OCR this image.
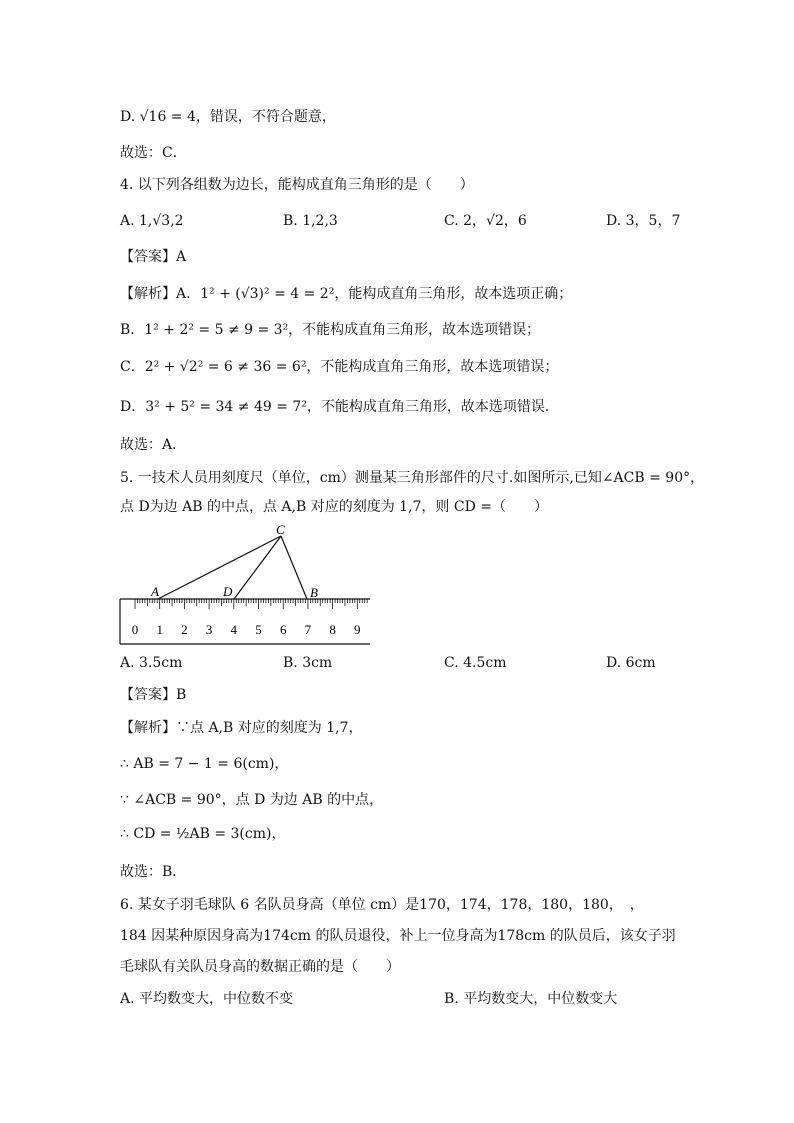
D. √16 = 4，错误，不符合题意，
故选：C．
4. 以下列各组数为边长，能构成直角三角形的是（　　）
A. 1,√3,2	B. 1,2,3	C. 2，√2，6	D. 3，5，7
【答案】A
【解析】A．1² + (√3)² = 4 = 2²，能构成直角三角形，故本选项正确；
B．1² + 2² = 5 ≠ 9 = 3²，不能构成直角三角形，故本选项错误；
C．2² + √2² = 6 ≠ 36 = 6²，不能构成直角三角形，故本选项错误；
D．3² + 5² = 34 ≠ 49 = 7²，不能构成直角三角形，故本选项错误．
故选：A．
5. 一技术人员用刻度尺（单位，cm）测量某三角形部件的尺寸.如图所示,已知∠ACB = 90°，
点 D为边 AB 的中点，点 A,B 对应的刻度为 1,7，则 CD =（　　）
C
A	D	B
0 1 2 3 4 5 6 7 8 9
A. 3.5cm	B. 3cm	C. 4.5cm	D. 6cm
【答案】B
【解析】∵点 A,B 对应的刻度为 1,7，
∴ AB = 7 − 1 = 6(cm)，
∵ ∠ACB = 90°，点 D 为边 AB 的中点，
∴ CD = ½AB = 3(cm)，
故选：B．
6. 某女子羽毛球队 6 名队员身高（单位 cm）是170，174，178，180，180，　，
184 因某种原因身高为174cm 的队员退役，补上一位身高为178cm 的队员后，该女子羽
毛球队有关队员身高的数据正确的是（　　）
A. 平均数变大，中位数不变	B. 平均数变大，中位数变大
